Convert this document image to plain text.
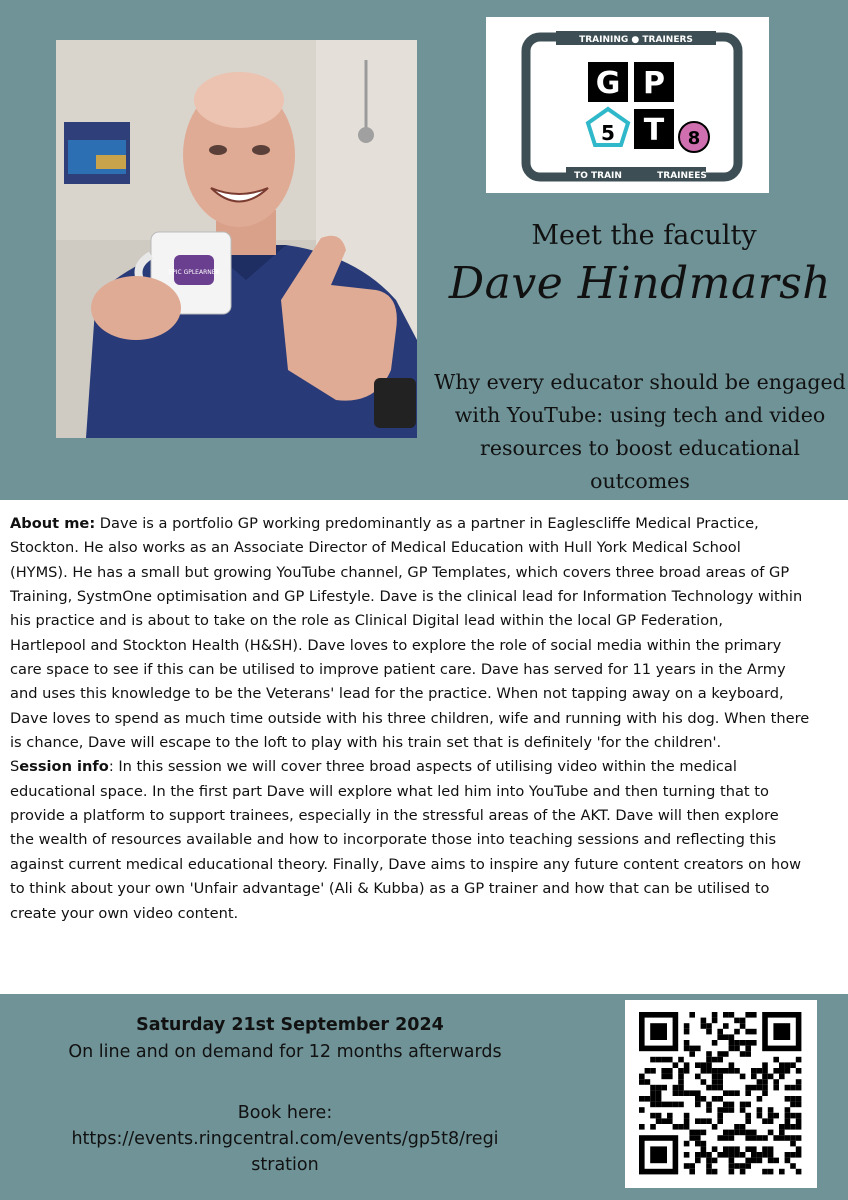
EPIC GPLEARNER
TRAINING ● TRAINERS
TO TRAIN	TRAINEES
G P
5 T 8
Meet the faculty
Dave Hindmarsh
Why every educator should be engaged
with YouTube: using tech and video
resources to boost educational outcomes

About me: Dave is a portfolio GP working predominantly as a partner in Eaglescliffe Medical Practice,

Stockton. He also works as an Associate Director of Medical Education with Hull York Medical School

(HYMS). He has a small but growing YouTube channel, GP Templates, which covers three broad areas of GP

Training, SystmOne optimisation and GP Lifestyle. Dave is the clinical lead for Information Technology within

his practice and is about to take on the role as Clinical Digital lead within the local GP Federation,

Hartlepool and Stockton Health (H&SH). Dave loves to explore the role of social media within the primary

care space to see if this can be utilised to improve patient care. Dave has served for 11 years in the Army

and uses this knowledge to be the Veterans' lead for the practice. When not tapping away on a keyboard,

Dave loves to spend as much time outside with his three children, wife and running with his dog. When there

is chance, Dave will escape to the loft to play with his train set that is definitely 'for the children'.

Session info: In this session we will cover three broad aspects of utilising video within the medical

educational space. In the first part Dave will explore what led him into YouTube and then turning that to

provide a platform to support trainees, especially in the stressful areas of the AKT. Dave will then explore

the wealth of resources available and how to incorporate those into teaching sessions and reflecting this

against current medical educational theory. Finally, Dave aims to inspire any future content creators on how

to think about your own 'Unfair advantage' (Ali & Kubba) as a GP trainer and how that can be utilised to

create your own video content.

Saturday 21st September 2024
On line and on demand for 12 months afterwards
Book here:
https://events.ringcentral.com/events/gp5t8/regi
stration
